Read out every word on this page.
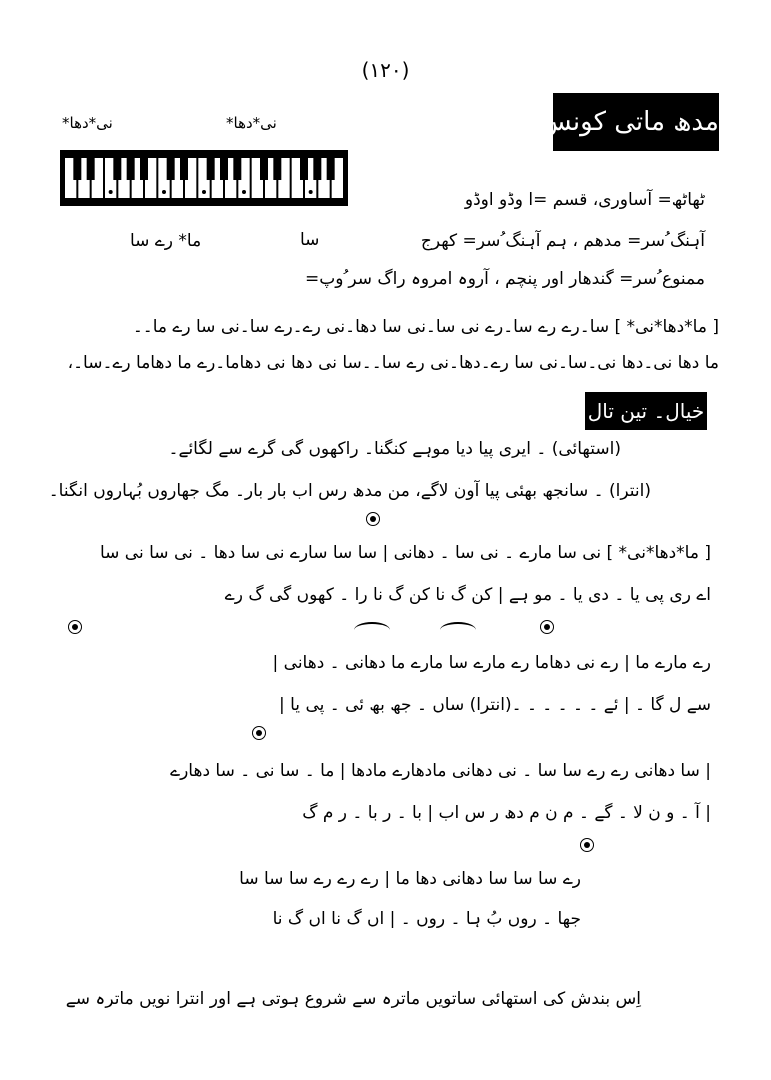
(۱۲۰)
مدھ ماتی کونس
نی*دھا*	نی*دھا*
ٹھاٹھ= آساوری، قسم =ا وڈو اوڈو
آہنگ ُسر= مدھم ، ہم آہنگ ُسر= کھرج
سا
ما* رے سا
ممنوع ُسر= گندھار اور پنچم ، آروہ امروہ راگ سر ُوپ=
[ ما*دھا*نی* ] سا۔رے رے سا۔رے نی سا۔نی سا دھا۔نی رے۔رے سا۔نی سا رے ما۔۔
ما دھا نی۔دھا نی۔سا۔نی سا رے۔دھا۔نی رے سا۔۔سا نی دھا نی دھاما۔رے ما دھاما رے۔سا۔،
خیال۔ تین تال
(استھائی) ۔ ایری پیا دیا موہے کنگنا۔ راکھوں گی گرے سے لگائے۔
(انترا) ۔ سانجھ بھئی پیا آون لاگے، من مدھ رس اب بار بار۔ مگ جھاروں بُہاروں انگنا۔
[ ما*دھا*نی* ] نی سا مارے ۔ نی سا ۔ دھانی | سا سا سارے نی سا دھا ۔ نی سا نی سا
اے ری پی یا ۔ دی یا ۔ مو ہے | کن گ نا کن گ نا را ۔ کھوں گی گ رے
رے مارے ما | رے نی دھاما رے مارے سا مارے ما دھانی ۔ دھانی |
سے ل گا ۔ | ئے ۔ ۔ ۔ ۔ ۔ ۔(انترا) ساں ۔ جھ بھ ئی ۔ پی یا |
| سا دھانی رے رے سا سا ۔ نی دھانی مادھارے مادھا | ما ۔ سا نی ۔ سا دھارے
| آ ۔ و ن لا ۔ گے ۔ م ن م دھ ر س اب | با ۔ ر با ۔ ر م گ
رے سا سا سا دھانی دھا ما | رے رے رے سا سا سا
جھا ۔ روں بُ ہا ۔ روں ۔ | اں گ نا اں گ نا
اِس بندش کی استھائی ساتویں ماترہ سے شروع ہوتی ہے اور انترا نویں ماترہ سے
